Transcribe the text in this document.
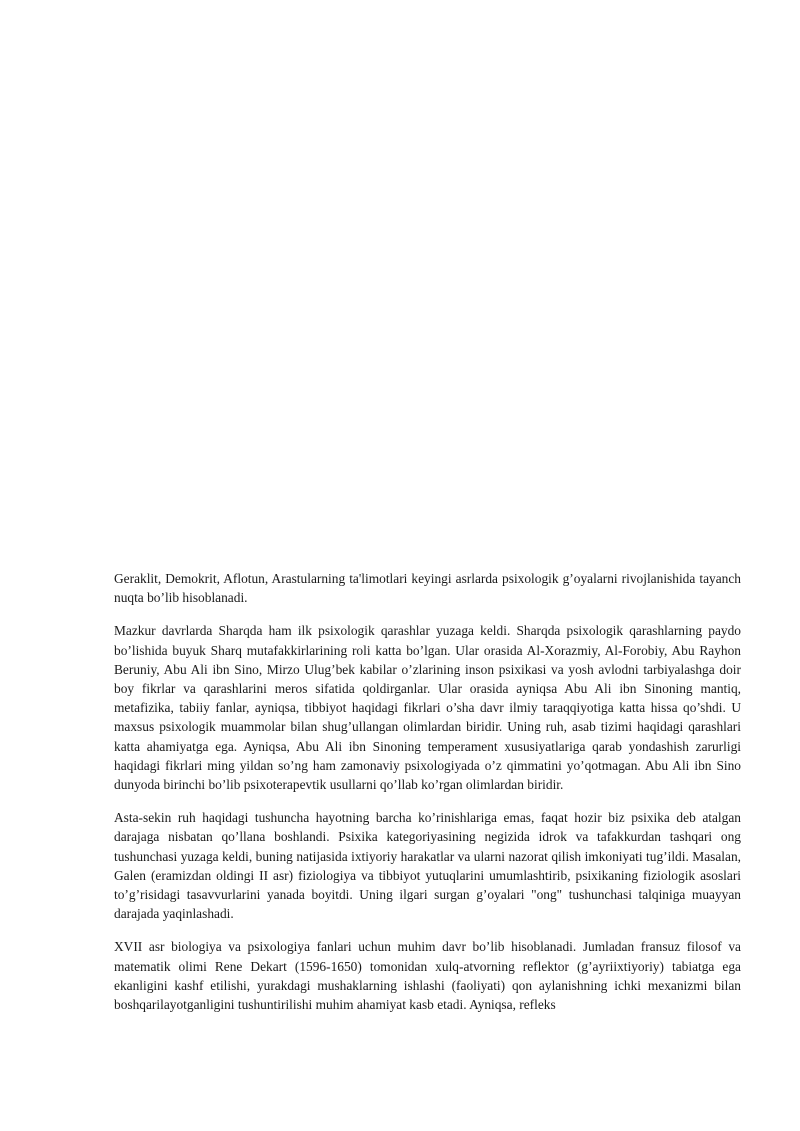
Geraklit, Demokrit, Aflotun, Arastularning ta'limotlari keyingi asrlarda psixologik g’oyalarni rivojlanishida tayanch nuqta bo’lib hisoblanadi.

Mazkur davrlarda Sharqda ham ilk psixologik qarashlar yuzaga keldi. Sharqda psixologik qarashlarning paydo bo’lishida buyuk Sharq mutafakkirlarining roli katta bo’lgan. Ular orasida Al-Xorazmiy, Al-Forobiy, Abu Rayhon Beruniy, Abu Ali ibn Sino, Mirzo Ulug’bek kabilar o’zlarining inson psixikasi va yosh avlodni tarbiyalashga doir boy fikrlar va qarashlarini meros sifatida qoldirganlar. Ular orasida ayniqsa Abu Ali ibn Sinoning mantiq, metafizika, tabiiy fanlar, ayniqsa, tibbiyot haqidagi fikrlari o’sha davr ilmiy taraqqiyotiga katta hissa qo’shdi. U maxsus psixologik muammolar bilan shug’ullangan olimlardan biridir. Uning ruh, asab tizimi haqidagi qarashlari katta ahamiyatga ega. Ayniqsa, Abu Ali ibn Sinoning temperament xususiyatlariga qarab yondashish zarurligi haqidagi fikrlari ming yildan so’ng ham zamonaviy psixologiyada o’z qimmatini yo’qotmagan. Abu Ali ibn Sino dunyoda birinchi bo’lib psixoterapevtik usullarni qo’llab ko’rgan olimlardan biridir.

Asta-sekin ruh haqidagi tushuncha hayotning barcha ko’rinishlariga emas, faqat hozir biz psixika deb atalgan darajaga nisbatan qo’llana boshlandi. Psixika kategoriyasining negizida idrok va tafakkurdan tashqari ong tushunchasi yuzaga keldi, buning natijasida ixtiyoriy harakatlar va ularni nazorat qilish imkoniyati tug’ildi. Masalan, Galen (eramizdan oldingi II asr) fiziologiya va tibbiyot yutuqlarini umumlashtirib, psixikaning fiziologik asoslari to’g’risidagi tasavvurlarini yanada boyitdi. Uning ilgari surgan g’oyalari "ong" tushunchasi talqiniga muayyan darajada yaqinlashadi.

XVII asr biologiya va psixologiya fanlari uchun muhim davr bo’lib hisoblanadi. Jumladan fransuz filosof va matematik olimi Rene Dekart (1596-1650) tomonidan xulq-atvorning reflektor (g’ayriixtiyoriy) tabiatga ega ekanligini kashf etilishi, yurakdagi mushaklarning ishlashi (faoliyati) qon aylanishning ichki mexanizmi bilan boshqarilayotganligini tushuntirilishi muhim ahamiyat kasb etadi. Ayniqsa, refleks
